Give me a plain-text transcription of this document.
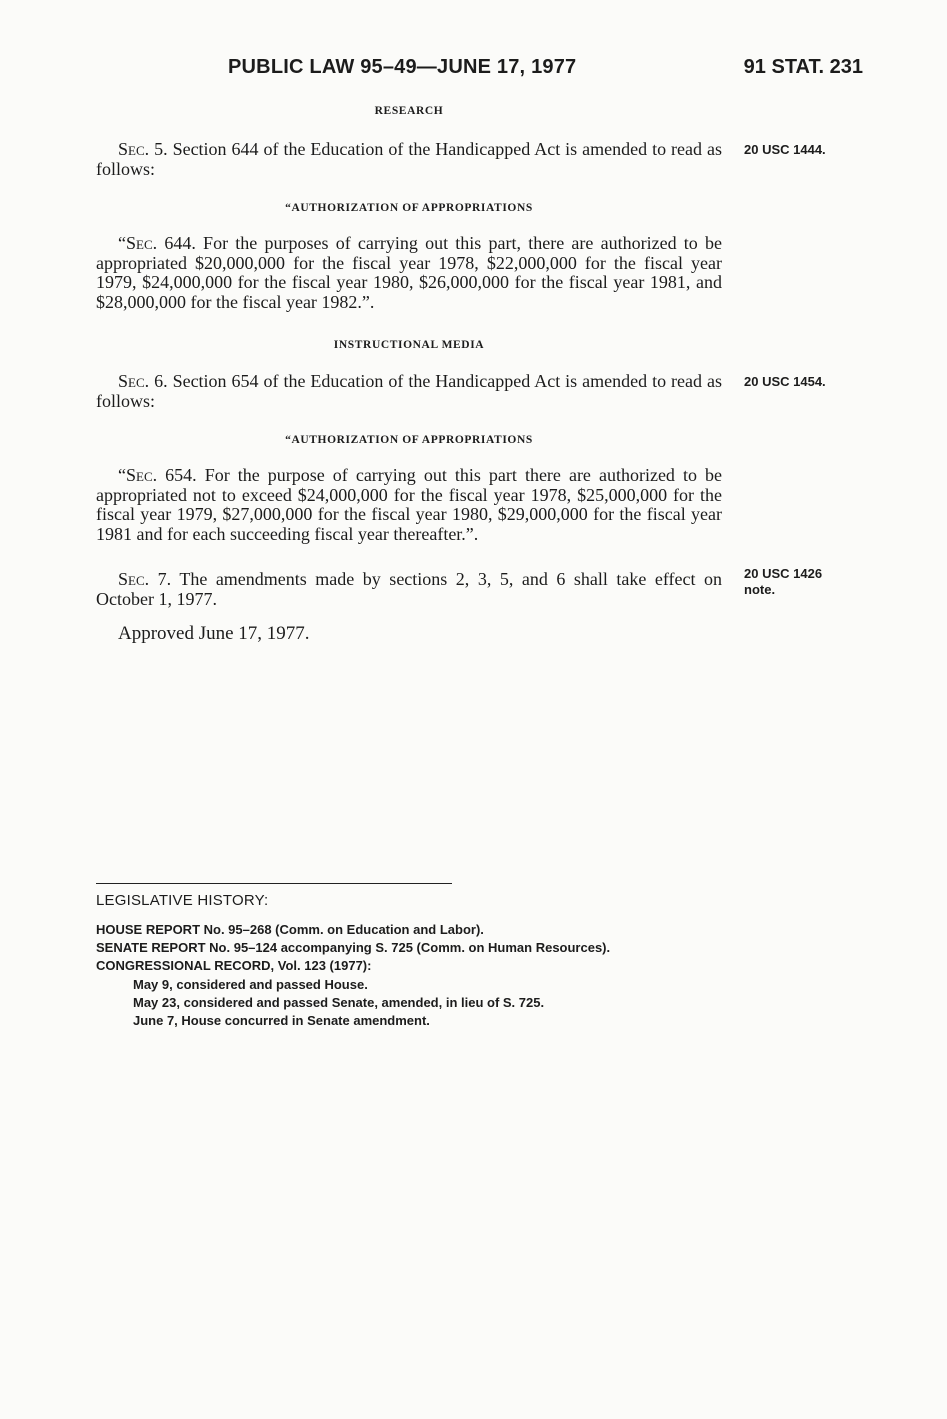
PUBLIC LAW 95–49—JUNE 17, 1977	91 STAT. 231
RESEARCH

Sec. 5. Section 644 of the Education of the Handicapped Act is amended to read as follows:

20 USC 1444.
“AUTHORIZATION OF APPROPRIATIONS

“Sec. 644. For the purposes of carrying out this part, there are authorized to be appropriated $20,000,000 for the fiscal year 1978, $22,000,000 for the fiscal year 1979, $24,000,000 for the fiscal year 1980, $26,000,000 for the fiscal year 1981, and $28,000,000 for the fiscal year 1982.”.

INSTRUCTIONAL MEDIA

Sec. 6. Section 654 of the Education of the Handicapped Act is amended to read as follows:

20 USC 1454.
“AUTHORIZATION OF APPROPRIATIONS

“Sec. 654. For the purpose of carrying out this part there are authorized to be appropriated not to exceed $24,000,000 for the fiscal year 1978, $25,000,000 for the fiscal year 1979, $27,000,000 for the fiscal year 1980, $29,000,000 for the fiscal year 1981 and for each succeeding fiscal year thereafter.”.

Sec. 7. The amendments made by sections 2, 3, 5, and 6 shall take effect on October 1, 1977.

20 USC 1426
note.
Approved June 17, 1977.
LEGISLATIVE HISTORY:
HOUSE REPORT No. 95–268 (Comm. on Education and Labor).
SENATE REPORT No. 95–124 accompanying S. 725 (Comm. on Human Resources).
CONGRESSIONAL RECORD, Vol. 123 (1977):
May 9, considered and passed House.
May 23, considered and passed Senate, amended, in lieu of S. 725.
June 7, House concurred in Senate amendment.
